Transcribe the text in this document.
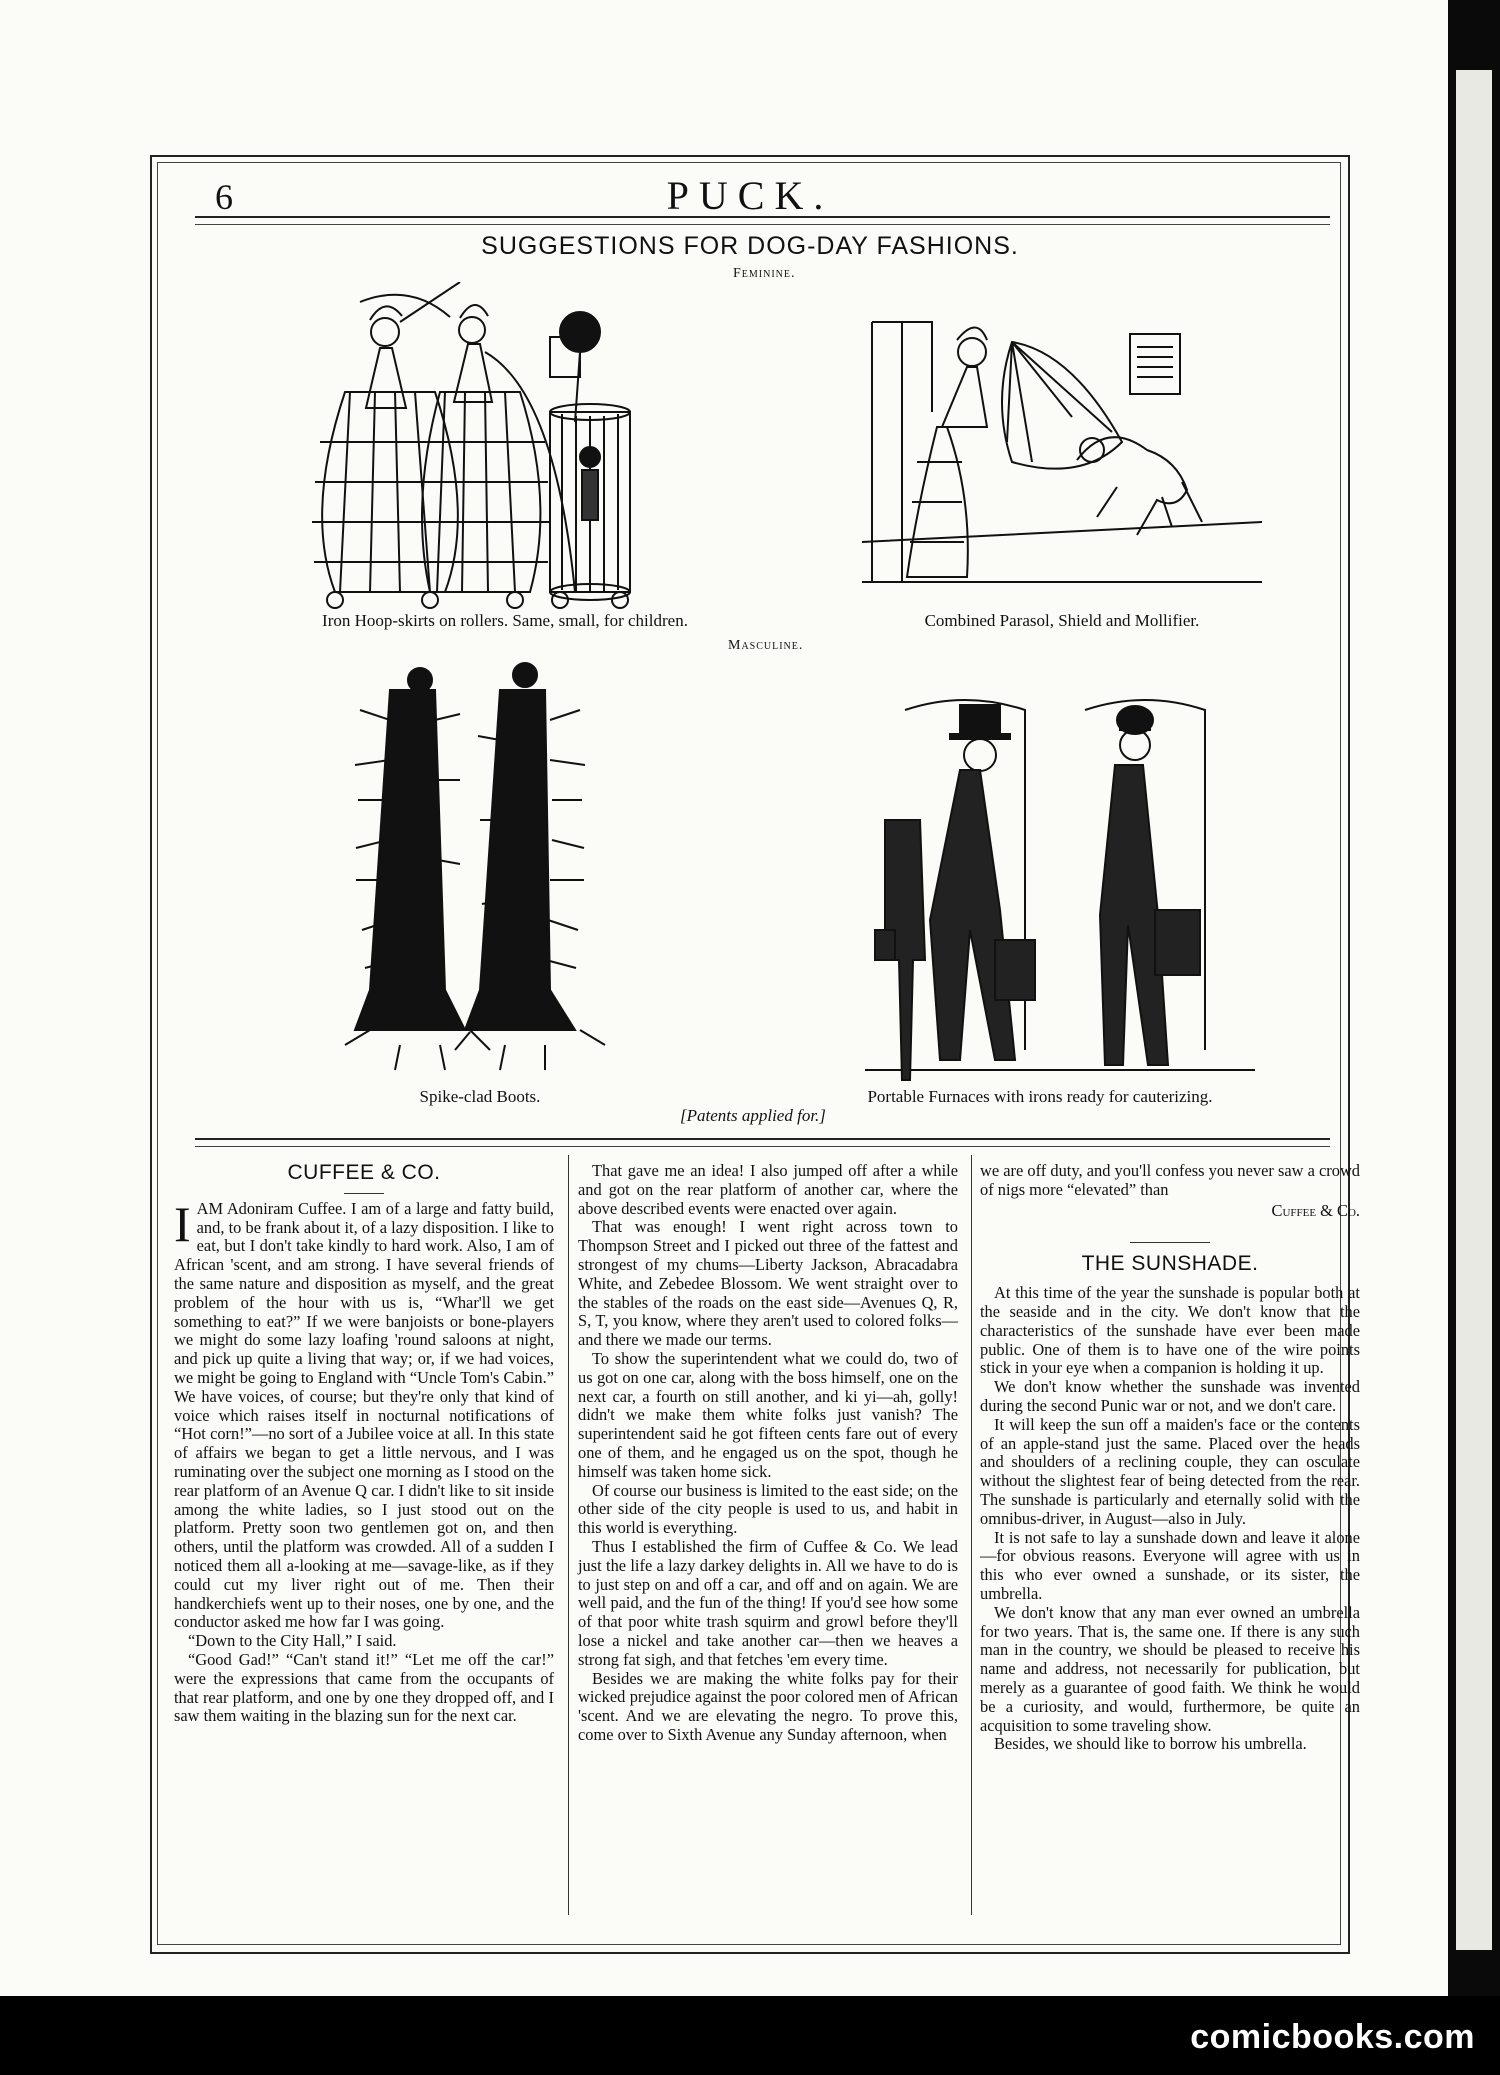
6	PUCK.
SUGGESTIONS FOR DOG-DAY FASHIONS.
Feminine.
Iron Hoop-skirts on rollers. Same, small, for children.	Combined Parasol, Shield and Mollifier.
Masculine.
Spike-clad Boots.	Portable Furnaces with irons ready for cauterizing.
[Patents applied for.]
CUFFEE & CO.

IAM Adoniram Cuffee. I am of a large and fatty build, and, to be frank about it, of a lazy disposition. I like to eat, but I don't take kindly to hard work. Also, I am of African 'scent, and am strong. I have several friends of the same nature and disposition as myself, and the great problem of the hour with us is, “Whar'll we get something to eat?” If we were banjoists or bone-players we might do some lazy loafing 'round saloons at night, and pick up quite a living that way; or, if we had voices, we might be going to England with “Uncle Tom's Cabin.” We have voices, of course; but they're only that kind of voice which raises itself in nocturnal notifications of “Hot corn!”—no sort of a Jubilee voice at all. In this state of affairs we began to get a little nervous, and I was ruminating over the subject one morning as I stood on the rear platform of an Avenue Q car. I didn't like to sit inside among the white ladies, so I just stood out on the platform. Pretty soon two gentlemen got on, and then others, until the platform was crowded. All of a sudden I noticed them all a-looking at me—savage-like, as if they could cut my liver right out of me. Then their handkerchiefs went up to their noses, one by one, and the conductor asked me how far I was going.

“Down to the City Hall,” I said.

“Good Gad!” “Can't stand it!” “Let me off the car!” were the expressions that came from the occupants of that rear platform, and one by one they dropped off, and I saw them waiting in the blazing sun for the next car.

That gave me an idea! I also jumped off after a while and got on the rear platform of another car, where the above described events were enacted over again.

That was enough! I went right across town to Thompson Street and I picked out three of the fattest and strongest of my chums—Liberty Jackson, Abracadabra White, and Zebedee Blossom. We went straight over to the stables of the roads on the east side—Avenues Q, R, S, T, you know, where they aren't used to colored folks—and there we made our terms.

To show the superintendent what we could do, two of us got on one car, along with the boss himself, one on the next car, a fourth on still another, and ki yi—ah, golly! didn't we make them white folks just vanish? The superintendent said he got fifteen cents fare out of every one of them, and he engaged us on the spot, though he himself was taken home sick.

Of course our business is limited to the east side; on the other side of the city people is used to us, and habit in this world is everything.

Thus I established the firm of Cuffee & Co. We lead just the life a lazy darkey delights in. All we have to do is to just step on and off a car, and off and on again. We are well paid, and the fun of the thing! If you'd see how some of that poor white trash squirm and growl before they'll lose a nickel and take another car—then we heaves a strong fat sigh, and that fetches 'em every time.

Besides we are making the white folks pay for their wicked prejudice against the poor colored men of African 'scent. And we are elevating the negro. To prove this, come over to Sixth Avenue any Sunday afternoon, when

we are off duty, and you'll confess you never saw a crowd of nigs more “elevated” than

Cuffee & Co.
THE SUNSHADE.

At this time of the year the sunshade is popular both at the seaside and in the city. We don't know that the characteristics of the sunshade have ever been made public. One of them is to have one of the wire points stick in your eye when a companion is holding it up.

We don't know whether the sunshade was invented during the second Punic war or not, and we don't care.

It will keep the sun off a maiden's face or the contents of an apple-stand just the same. Placed over the heads and shoulders of a reclining couple, they can osculate without the slightest fear of being detected from the rear. The sunshade is particularly and eternally solid with the omnibus-driver, in August—also in July.

It is not safe to lay a sunshade down and leave it alone—for obvious reasons. Everyone will agree with us in this who ever owned a sunshade, or its sister, the umbrella.

We don't know that any man ever owned an umbrella for two years. That is, the same one. If there is any such man in the country, we should be pleased to receive his name and address, not necessarily for publication, but merely as a guarantee of good faith. We think he would be a curiosity, and would, furthermore, be quite an acquisition to some traveling show.

Besides, we should like to borrow his umbrella.

comicbooks.com
